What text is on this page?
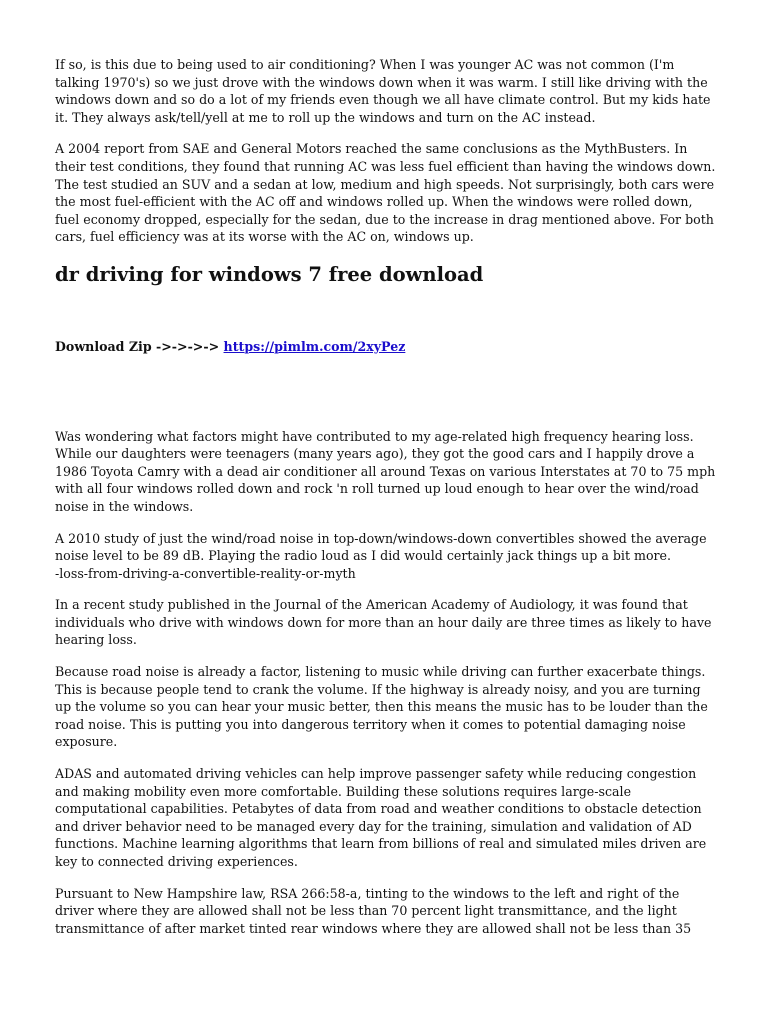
If so, is this due to being used to air conditioning? When I was younger AC was not common (I'm talking 1970's) so we just drove with the windows down when it was warm. I still like driving with the windows down and so do a lot of my friends even though we all have climate control. But my kids hate it. They always ask/tell/yell at me to roll up the windows and turn on the AC instead.

A 2004 report from SAE and General Motors reached the same conclusions as the MythBusters. In their test conditions, they found that running AC was less fuel efficient than having the windows down. The test studied an SUV and a sedan at low, medium and high speeds. Not surprisingly, both cars were the most fuel-efficient with the AC off and windows rolled up. When the windows were rolled down, fuel economy dropped, especially for the sedan, due to the increase in drag mentioned above. For both cars, fuel efficiency was at its worse with the AC on, windows up.

dr driving for windows 7 free download
Download Zip ->->->-> https://pimlm.com/2xyPez

Was wondering what factors might have contributed to my age-related high frequency hearing loss. While our daughters were teenagers (many years ago), they got the good cars and I happily drove a 1986 Toyota Camry with a dead air conditioner all around Texas on various Interstates at 70 to 75 mph with all four windows rolled down and rock 'n roll turned up loud enough to hear over the wind/road noise in the windows.

A 2010 study of just the wind/road noise in top-down/windows-down convertibles showed the average noise level to be 89 dB. Playing the radio loud as I did would certainly jack things up a bit more.

-loss-from-driving-a-convertible-reality-or-myth

In a recent study published in the Journal of the American Academy of Audiology, it was found that individuals who drive with windows down for more than an hour daily are three times as likely to have hearing loss.

Because road noise is already a factor, listening to music while driving can further exacerbate things. This is because people tend to crank the volume. If the highway is already noisy, and you are turning up the volume so you can hear your music better, then this means the music has to be louder than the road noise. This is putting you into dangerous territory when it comes to potential damaging noise exposure.

ADAS and automated driving vehicles can help improve passenger safety while reducing congestion and making mobility even more comfortable. Building these solutions requires large-scale computational capabilities. Petabytes of data from road and weather conditions to obstacle detection and driver behavior need to be managed every day for the training, simulation and validation of AD functions. Machine learning algorithms that learn from billions of real and simulated miles driven are key to connected driving experiences.

Pursuant to New Hampshire law, RSA 266:58-a, tinting to the windows to the left and right of the driver where they are allowed shall not be less than 70 percent light transmittance, and the light transmittance of after market tinted rear windows where they are allowed shall not be less than 35
